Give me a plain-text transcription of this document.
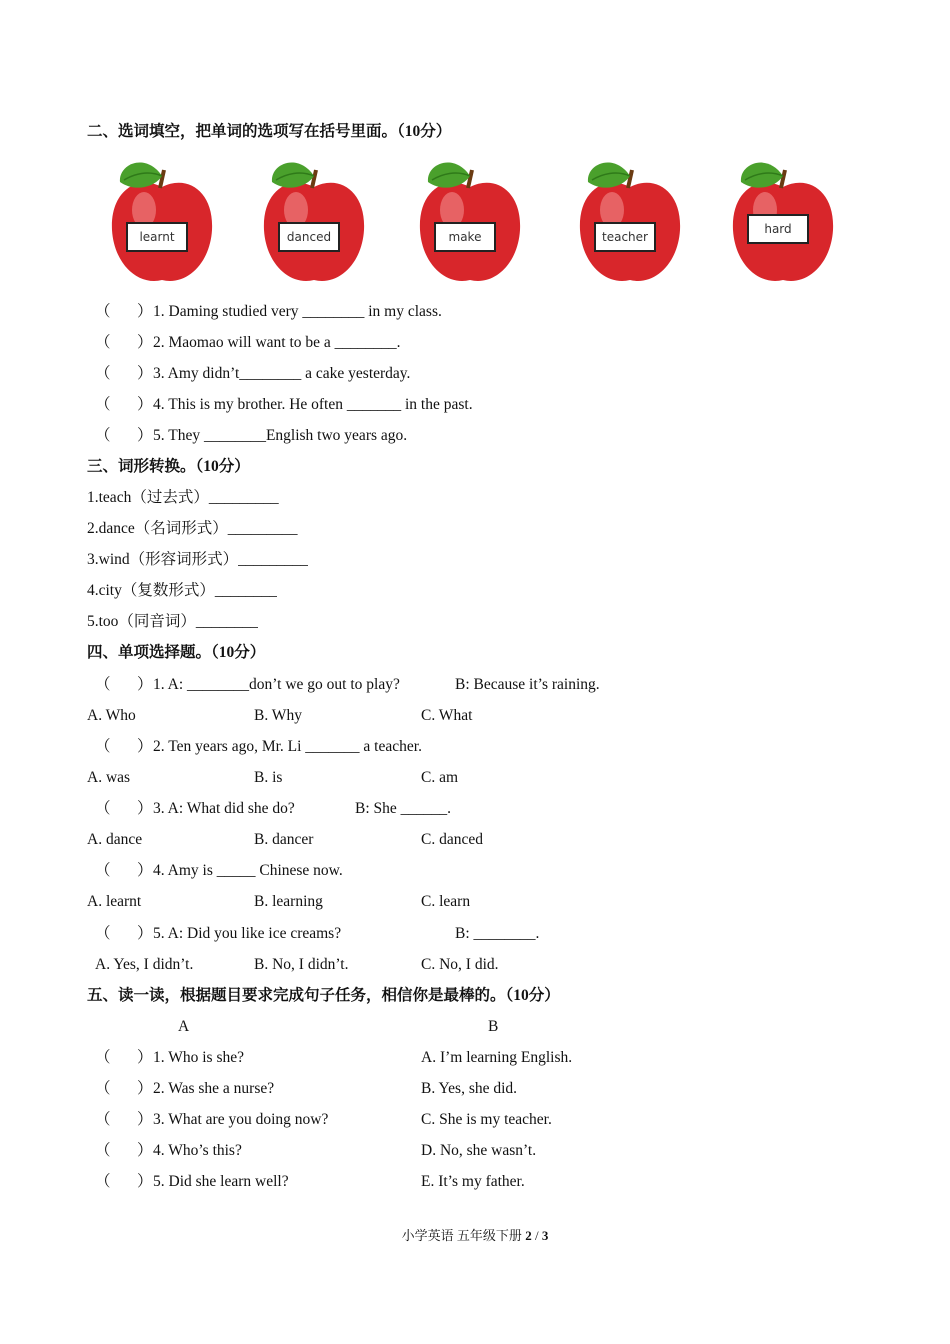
二、选词填空，把单词的选项写在括号里面。（10分）
learnt	danced	make	teacher
hard
（ ） 1. Daming studied very ________ in my class.
（ ） 2. Maomao will want to be a ________.
（ ） 3. Amy didn’t________ a cake yesterday.
（ ） 4. This is my brother. He often _______ in the past.
（ ） 5. They ________English two years ago.
三、词形转换。（10分）
1.teach（过去式）_________
2.dance（名词形式）_________
3.wind（形容词形式）_________
4.city（复数形式）________
5.too（同音词）________
四、单项选择题。（10分）
（ ） 1. A: ________don’t we go out to play?	B: Because it’s raining.
A. Who	B. Why	C. What
（ ） 2. Ten years ago, Mr. Li _______ a teacher.
A. was	B. is	C. am
（ ） 3. A: What did she do?	B: She ______.
A. dance	B. dancer	C. danced
（ ） 4. Amy is _____ Chinese now.
A. learnt	B. learning	C. learn
（ ） 5. A: Did you like ice creams?	B: ________.
A. Yes, I didn’t.	B. No, I didn’t.	C. No, I did.
五、读一读，根据题目要求完成句子任务，相信你是最棒的。（10分）
A	B
（ ） 1. Who is she?	A. I’m learning English.
（ ） 2. Was she a nurse?	B. Yes, she did.
（ ） 3. What are you doing now?	C. She is my teacher.
（ ） 4. Who’s this?	D. No, she wasn’t.
（ ） 5. Did she learn well?	E. It’s my father.
小学英语 五年级下册 2 / 3
